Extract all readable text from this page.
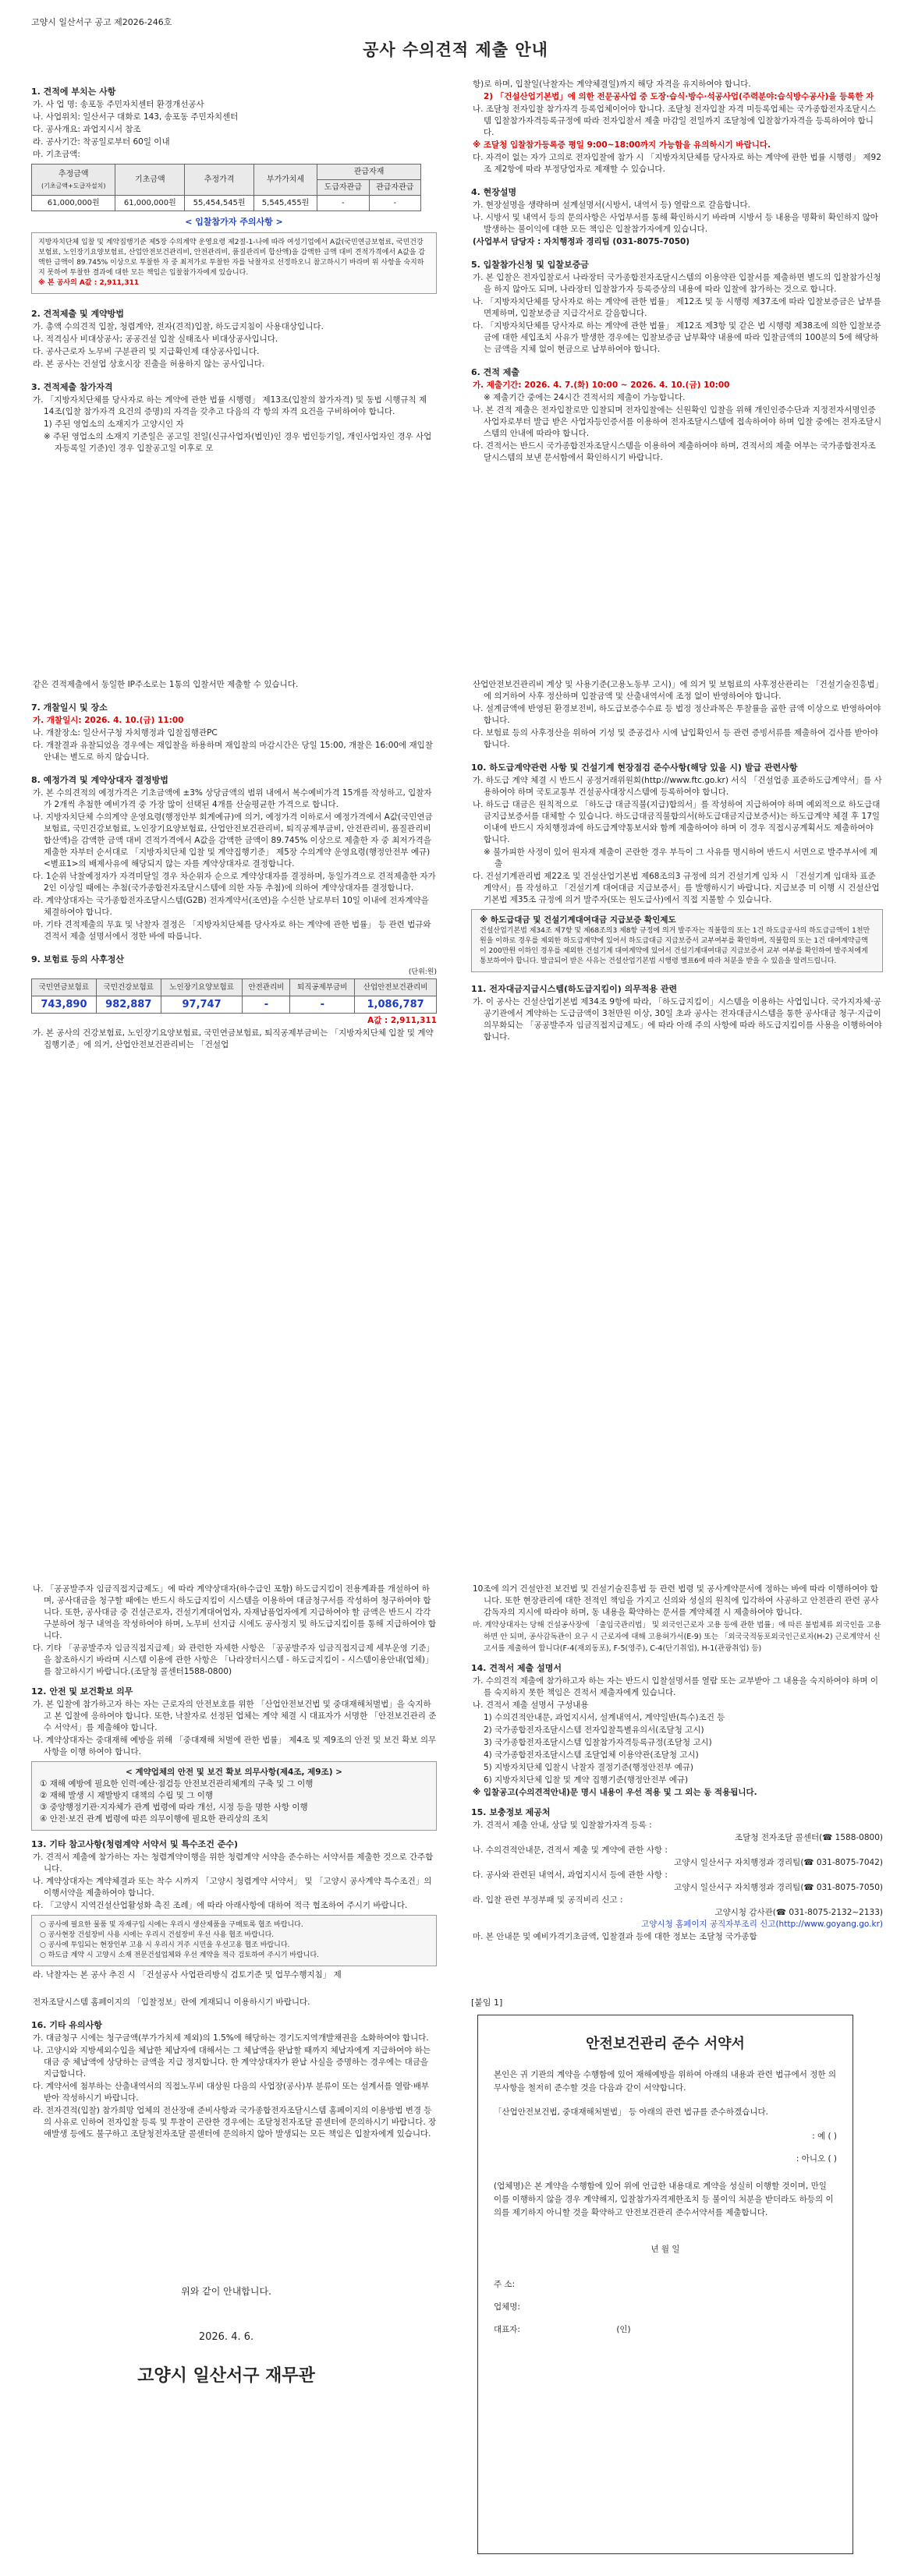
고양시 일산서구 공고 제2026-246호
공사 수의견적 제출 안내
1. 견적에 부치는 사항
가. 사 업 명: 송포동 주민자치센터 환경개선공사
나. 사업위치: 일산서구 대화로 143, 송포동 주민자치센터
다. 공사개요: 과업지시서 참조
라. 공사기간: 착공일로부터 60일 이내
마. 기초금액:
추정금액
(기초금액+도급자설치)	기초금액	추정가격	부가가치세	관급자재	
				도급자관급	관급자관급
61,000,000원	61,000,000원	55,454,545원	5,545,455원	-	-
< 입찰참가자 주의사항 >
지방자치단체 입찰 및 계약집행기준 제5장 수의계약 운영요령 제2절-1-나에 따라 여성기업에서 A값(국민연금보험료, 국민건강보험료, 노인장기요양보험료, 산업안전보건관리비, 안전관리비, 품질관리비 합산액)을 감액한 금액 대비 견적가격에서 A값을 감액한 금액이 89.745% 이상으로 투찰한 자 중 최저가로 투찰한 자를 낙찰자로 선정하오니 참고하시기 바라며 위 사항을 숙지하지 못하여 투찰한 결과에 대한 모든 책임은 입찰참가자에게 있습니다.
※ 본 공사의 A값 : 2,911,311
2. 견적제출 및 계약방법
가. 총액 수의견적 입찰, 청렴계약, 전자(견적)입찰, 하도급지침이 사용대상입니다.
나. 적격심사 비대상공사; 공공건설 입찰 실태조사 비대상공사입니다.
다. 공사근로자 노무비 구분관리 및 지급확인제 대상공사입니다.
라. 본 공사는 건설업 상호시장 진출을 허용하지 않는 공사입니다.
3. 견적제출 참가자격
가. 「지방자치단체를 당사자로 하는 계약에 관한 법률 시행령」 제13조(입찰의 참가자격) 및 동법 시행규칙 제14조(입찰 참가자격 요건의 증명)의 자격을 갖추고 다음의 각 항의 자격 요건을 구비하여야 합니다.
1) 주된 영업소의 소재지가 고양시인 자
※ 주된 영업소의 소재지 기준일은 공고일 전일(신규사업자(법인)인 경우 법인등기일, 개인사업자인 경우 사업자등록일 기준)인 경우 입찰공고일 이후로 모
항)로 하며, 입찰일(낙찰자는 계약체결일)까지 해당 자격을 유지하여야 합니다.
2) 「건설산업기본법」에 의한 전문공사업 중 도장·습식·방수·석공사업(주력분야:습식방수공사)을 등록한 자
나. 조달청 전자입찰 참가자격 등록업체이어야 합니다. 조달청 전자입찰 자격 미등록업체는 국가종합전자조달시스템 입찰참가자격등록규정에 따라 전자입찰서 제출 마감일 전일까지 조달청에 입찰참가자격을 등록하여야 합니다.
※ 조달청 입찰참가등록증 평일 9:00~18:00까지 가능함을 유의하시기 바랍니다.
다. 자격이 없는 자가 고의로 전자입찰에 참가 시 「지방자치단체를 당사자로 하는 계약에 관한 법률 시행령」 제92조 제2항에 따라 부정당업자로 제재할 수 있습니다.
4. 현장설명
가. 현장설명을 생략하며 설계설명서(시방서, 내역서 등) 열람으로 갈음합니다.
나. 시방서 및 내역서 등의 문의사항은 사업부서를 통해 확인하시기 바라며 시방서 등 내용을 명확히 확인하지 않아 발생하는 불이익에 대한 모든 책임은 입찰참가자에게 있습니다.
(사업부서 담당자 : 자치행정과 경리팀 (031-8075-7050)
5. 입찰참가신청 및 입찰보증금
가. 본 입찰은 전자입찰로서 나라장터 국가종합전자조달시스템의 이용약관 입찰서를 제출하면 별도의 입찰참가신청을 하지 않아도 되며, 나라장터 입찰참가자 등록증상의 내용에 따라 입찰에 참가하는 것으로 합니다.
나. 「지방자치단체를 당사자로 하는 계약에 관한 법률」 제12조 및 동 시행령 제37조에 따라 입찰보증금은 납부를 면제하며, 입찰보증금 지급각서로 갈음합니다.
다. 「지방자치단체를 당사자로 하는 계약에 관한 법률」 제12조 제3항 및 같은 법 시행령 제38조에 의한 입찰보증금에 대한 세입조치 사유가 발생한 경우에는 입찰보증금 납부확약 내용에 따라 입찰금액의 100분의 5에 해당하는 금액을 지체 없이 현금으로 납부하여야 합니다.
6. 견적 제출
가. 제출기간: 2026. 4. 7.(화) 10:00 ~ 2026. 4. 10.(금) 10:00
※ 제출기간 중에는 24시간 견적서의 제출이 가능합니다.
나. 본 견적 제출은 전자입찰로만 입찰되며 전자입찰에는 신원확인 입찰을 위해 개인인증수단과 지정전자서명인증사업자로부터 발급 받은 사업자등인증서를 이용하여 전자조달시스템에 접속하여야 하며 입찰 중에는 전자조달시스템의 안내에 따라야 합니다.
다. 견적서는 반드시 국가종합전자조달시스템을 이용하여 제출하여야 하며, 견적서의 제출 여부는 국가종합전자조달시스템의 보낸 문서함에서 확인하시기 바랍니다.
같은 견적제출에서 동일한 IP주소로는 1통의 입찰서만 제출할 수 있습니다.
7. 개찰일시 및 장소
가. 개찰일시: 2026. 4. 10.(금) 11:00
나. 개찰장소: 일산서구청 자치행정과 입찰집행관PC
다. 개찰결과 유찰되었을 경우에는 재입찰을 하용하며 재입찰의 마감시간은 당일 15:00, 개찰은 16:00에 재입찰 안내는 별도로 하지 않습니다.
8. 예정가격 및 계약상대자 결정방법
가. 본 수의견적의 예정가격은 기초금액에 ±3% 상당금액의 범위 내에서 복수예비가격 15개를 작성하고, 입찰자가 2개씩 추첨한 예비가격 중 가장 많이 선택된 4개를 산술평균한 가격으로 합니다.
나. 지방자치단체 수의계약 운영요령(행정안부 회계예규)에 의거, 예정가격 이하로서 예정가격에서 A값(국민연금보험료, 국민건강보험료, 노인장기요양보험료, 산업안전보건관리비, 퇴직공제부금비, 안전관리비, 품질관리비 합산액)을 감액한 금액 대비 견적가격에서 A값을 감액한 금액이 89.745% 이상으로 제출한 자 중 최저가격을 제출한 자부터 순서대로 「지방자치단체 입찰 및 계약집행기준」 제5장 수의계약 운영요령(행정안전부 예규) <별표1>의 배제사유에 해당되지 않는 자를 계약상대자로 결정합니다.
다. 1순위 낙찰예정자가 자격미달일 경우 차순위자 순으로 계약상대자를 결정하며, 동일가격으로 견적제출한 자가 2인 이상일 때에는 추첨(국가종합전자조달시스템에 의한 자동 추첨)에 의하여 계약상대자를 결정합니다.
라. 계약상대자는 국가종합전자조달시스템(G2B) 전자계약서(조연)을 수신한 날로부터 10일 이내에 전자계약을 체결하여야 합니다.
마. 기타 견적제출의 무효 및 낙찰자 결정은 「지방자치단체를 당사자로 하는 계약에 관한 법률」 등 관련 법규와 견적서 제출 설명서에서 정한 바에 따릅니다.
9. 보험료 등의 사후정산
(단위:원)
국민연금보험료	국민건강보험료	노인장기요양보험료	안전관리비	퇴직공제부금비	산업안전보건관리비
743,890	982,887	97,747	-	-	1,086,787
A값 : 2,911,311
가. 본 공사의 건강보험료, 노인장기요양보험료, 국민연금보험료, 퇴직공제부금비는 「지방자치단체 입찰 및 계약집행기준」에 의거, 산업안전보건관리비는 「건설업
산업안전보건관리비 계상 및 사용기준(고용노동부 고시)」에 의거 및 보험료의 사후정산관리는 「건설기술진흥법」에 의거하여 사후 정산하며 입찰금액 및 산출내역서에 조정 없이 반영하여야 합니다.
나. 설계금액에 반영된 환경보전비, 하도급보증수수료 등 법정 정산과목은 투찰률을 곱한 금액 이상으로 반영하여야 합니다.
다. 보험료 등의 사후정산을 위하여 기성 및 준공검사 시에 납입확인서 등 관련 증빙서류를 제출하여 검사를 받아야 합니다.
10. 하도급계약관련 사항 및 건설기계 현장점검 준수사항(해당 있을 시) 발급 관련사항
가. 하도급 계약 체결 시 반드시 공정거래위원회(http://www.ftc.go.kr) 서식 「건설업종 표준하도급계약서」를 사용하여야 하며 국토교통부 건설공사대장시스템에 등록하여야 합니다.
나. 하도급 대금은 원칙적으로 「하도급 대금직불(지급)합의서」를 작성하여 지급하여야 하며 예외적으로 하도급대금지급보증서를 대체할 수 있습니다. 하도급대금직불합의서(하도급대금지급보증서)는 하도급계약 체결 후 17일 이내에 반드시 자치행정과에 하도급계약통보서와 함께 제출하여야 하며 이 경우 직접시공계획서도 제출하여야 합니다.
※ 불가피한 사정이 있어 원자재 제출이 곤란한 경우 부득이 그 사유를 명시하여 반드시 서면으로 발주부서에 제출
다. 건설기계관리법 제22조 및 건설산업기본법 제68조의3 규정에 의거 건설기계 임차 시 「건설기계 임대차 표준계약서」를 작성하고 「건설기계 대여대금 지급보증서」를 발행하시기 바랍니다. 지급보증 미 이행 시 건설산업기본법 제35조 규정에 의거 발주자(또는 원도급사)에서 직접 지불할 수 있습니다.
※ 하도급대금 및 건설기계대여대금 지급보증 확인제도
건설산업기본법 제34조 제7항 및 제68조의3 제8항 규정에 의거 발주자는 직불합의 또는 1건 하도급공사의 하도급금액이 1천만원을 이하로 경우를 제외한 하도급계약에 있어서 하도급대금 지급보증서 교부여부를 확인하며, 직불합의 또는 1건 대여계약금액이 200만원 이하인 경우를 제외한 건설기계 대여계약에 있어서 건설기계대여대금 지급보증서 교부 여부를 확인하여 발주처에게 통보하여야 합니다. 발급되어 받은 사유는 건설산업기본법 시행령 별표6에 따라 처분을 받을 수 있음을 알려드립니다.
11. 전자대금지급시스템(하도급지킴이) 의무적용 관련
가. 이 공사는 건설산업기본법 제34조 9항에 따라, 「하도급지킴이」시스템을 이용하는 사업입니다. 국가지자체·공공기관에서 계약하는 도급금액이 3천만원 이상, 30일 초과 공사는 전자대금시스템을 통한 공사대금 청구·지급이 의무화되는 「공공발주자 임금직접지급제도」에 따라 아래 주의 사항에 따라 하도급지킴이를 사용을 이행하여야 합니다.
나. 「공공발주자 임금직접지급제도」에 따라 계약상대자(하수급인 포함) 하도급지킴이 전용계좌를 개설하여 하며, 공사대금을 청구할 때에는 반드시 하도급지킴이 시스템을 이용하여 대금청구서를 작성하여 청구하여야 합니다. 또한, 공사대금 중 건설근로자, 건설기계대여업자, 자재납품업자에게 지급하여야 할 금액은 반드시 각각 구분하여 청구 내역을 작성하여야 하며, 노무비 선지급 시에도 공사정지 및 하도급지킴이를 통해 지급하여야 합니다.
다. 기타 「공공발주자 임금직접지급제」와 관련한 자세한 사항은 「공공발주자 임금직접지급제 세부운영 기준」을 참조하시기 바라며 시스템 이용에 관한 사항은 「나라장터시스템 - 하도급지킴이 - 시스템이용안내(업체)」를 참고하시기 바랍니다.(조달청 콜센터1588-0800)
12. 안전 및 보건확보 의무
가. 본 입찰에 참가하고자 하는 자는 근로자의 안전보호를 위한 「산업안전보건법 및 중대재해처벌법」을 숙지하고 본 입찰에 응하여야 합니다. 또한, 낙찰자로 선정된 업체는 계약 체결 시 대표자가 서명한 「안전보건관리 준수 서약서」를 제출해야 합니다.
나. 계약상대자는 중대재해 예방을 위해 「중대재해 처벌에 관한 법률」 제4조 및 제9조의 안전 및 보건 확보 의무사항을 이행 하여야 합니다.
< 계약업체의 안전 및 보건 확보 의무사항(제4조, 제9조) >
① 재해 예방에 필요한 인력·예산·점검등 안전보건관리체계의 구축 및 그 이행
② 재해 발생 시 재발방지 대책의 수립 및 그 이행
③ 중앙행정기관·지자체가 관계 법령에 따라 개선, 시정 등을 명한 사항 이행
④ 안전·보건 관계 법령에 따른 의무이행에 필요한 관리상의 조치
13. 기타 참고사항(청렴계약 서약서 및 특수조건 준수)
가. 견적서 제출에 참가하는 자는 청렴계약이행을 위한 청렴계약 서약을 준수하는 서약서를 제출한 것으로 간주합니다.
나. 계약상대자는 계약체결과 또는 착수 시까지 「고양시 청렴계약 서약서」 및 「고양시 공사계약 특수조건」의 이행서약을 제출하여야 합니다.
다. 「고양시 지역건설산업활성화 촉진 조례」에 따라 아래사항에 대하여 적극 협조하여 주시기 바랍니다.
○ 공사에 필요한 물품 및 자재구입 시에는 우리시 생산제품을 구매토록 협조 바랍니다.
○ 공사현장 건설장비 사용 시에는 우리시 건설장비 우선 사용 협조 바랍니다.
○ 공사에 투입되는 현장인부 고용 시 우리시 거주 시민을 우선고용 협조 바랍니다.
○ 하도급 계약 시 고양시 소재 전문건설업체와 우선 계약을 적극 검토하여 주시기 바랍니다.
라. 낙찰자는 본 공사 추진 시 「건설공사 사업관리방식 검토기준 및 업무수행지침」 제
10조에 의거 건설안전 보건법 및 건설기술진흥법 등 관련 법령 및 공사계약문서에 정하는 바에 따라 이행하여야 합니다. 또한 현장관리에 대한 전적인 책임을 가지고 신의와 성실의 원칙에 입각하여 사공하고 안전관리 관련 공사 감독자의 지시에 따라야 하며, 동 내용을 확약하는 문서를 계약체결 시 제출하여야 합니다.
마. 계약상대자는 당해 건설공사장에 「출입국관리법」 및 외국인근로자 고용 등에 관한 법률」에 따른 불법체류 외국인을 고용하면 안 되며, 공사감독관이 요구 시 근로자에 대해 고용허가서(E-9) 또는 「외국국적동포외국인근로자(H-2) 근로계약서 신고서를 제출하여 합니다(F-4(재외동포), F-5(영주), C-4(단기취업), H-1(관광취업) 등)
14. 견적서 제출 설명서
가. 수의견적 제출에 참가하고자 하는 자는 반드시 입찰설명서를 열람 또는 교부받아 그 내용을 숙지하여야 하며 이를 숙지하지 못한 책임은 견적서 제출자에게 있습니다.
나. 견적서 제출 설명서 구성내용
1) 수의견적안내문, 과업지시서, 설계내역서, 계약일반(특수)조건 등
2) 국가종합전자조달시스템 전자입찰특별유의서(조달청 고시)
3) 국가종합전자조달시스템 입찰참가자격등록규정(조달청 고시)
4) 국가종합전자조달시스템 조달업체 이용약관(조달청 고시)
5) 지방자치단체 입찰시 낙찰자 결정기준(행정안전부 예규)
6) 지방자치단체 입찰 및 계약 집행기준(행정안전부 예규)
※ 입찰공고(수의견적안내)문 명시 내용이 우선 적용 및 그 외는 동 적용됩니다.
15. 보충정보 제공처
가. 견적서 제출 안내, 상담 및 입찰참가자격 등록 :
조달청 전자조달 콜센터(☎ 1588-0800)
나. 수의견적안내문, 견적서 제출 및 계약에 관한 사항 :
고양시 일산서구 자치행정과 경리팀(☎ 031-8075-7042)
다. 공사와 관련된 내역서, 과업지시서 등에 관한 사항 :
고양시 일산서구 자치행정과 경리팀(☎ 031-8075-7050)
라. 입찰 관련 부정부패 및 공직비리 신고 :
고양시청 감사관(☎ 031-8075-2132~2133)
고양시청 홈페이지 공직자부조리 신고(http://www.goyang.go.kr)
마. 본 안내문 및 예비가격기초금액, 입찰결과 등에 대한 정보는 조달청 국가종합
전자조달시스템 홈페이지의 「입찰정보」란에 게재되니 이용하시기 바랍니다.
16. 기타 유의사항
가. 대금청구 시에는 청구금액(부가가치세 제외)의 1.5%에 해당하는 경기도지역개발채권을 소화하여야 합니다.
나. 고양시와 지방세외수입을 체납한 체납자에 대해서는 그 체납액을 완납할 때까지 체납자에게 지급하여야 하는 대금 중 체납액에 상당하는 금액을 지급 정지합니다. 한 계약상대자가 완납 사실을 증명하는 경우에는 대금을 지급합니다.
다. 계약서에 첨부하는 산출내역서의 직접노무비 대상원 다음의 사업장(공사)부 분류이 또는 설계서를 열람·배부 받아 작성하시기 바랍니다.
라. 전자견적(입찰) 참가희망 업체의 전산장애 준비사항과 국가종합전자조달시스템 홈페이지의 이용방법 변경 등의 사유로 인하여 전자입찰 등록 및 투찰이 곤란한 경우에는 조달청전자조달 콜센터에 문의하시기 바랍니다. 장애발생 등에도 불구하고 조달청전자조달 콜센터에 문의하지 않아 발생되는 모든 책임은 입찰자에게 있습니다.
위와 같이 안내합니다.
2026. 4. 6.
고양시 일산서구 재무관
[붙임 1]
안전보건관리 준수 서약서
본인은 귀 기관의 계약을 수행함에 있어 재해예방을 위하여 아래의 내용과 관련 법규에서 정한 의무사항을 철저히 준수할 것을 다음과 같이 서약합니다.
「산업안전보건법, 중대재해처벌법」 등 아래의 관련 법규를 준수하겠습니다.
: 예 ( )
: 아니오 ( )
(업체명)은 본 계약을 수행함에 있어 위에 언급한 내용대로 계약을 성실히 이행할 것이며, 만일 이를 이행하지 않을 경우 계약해지, 입찰참가자격제한조치 등 불이익 처분을 받더라도 하등의 이의를 제기하지 아니할 것을 확약하고 안전보건관리 준수서약서를 제출합니다.
년 월 일
주 소:
업체명:
대표자:	(인)
